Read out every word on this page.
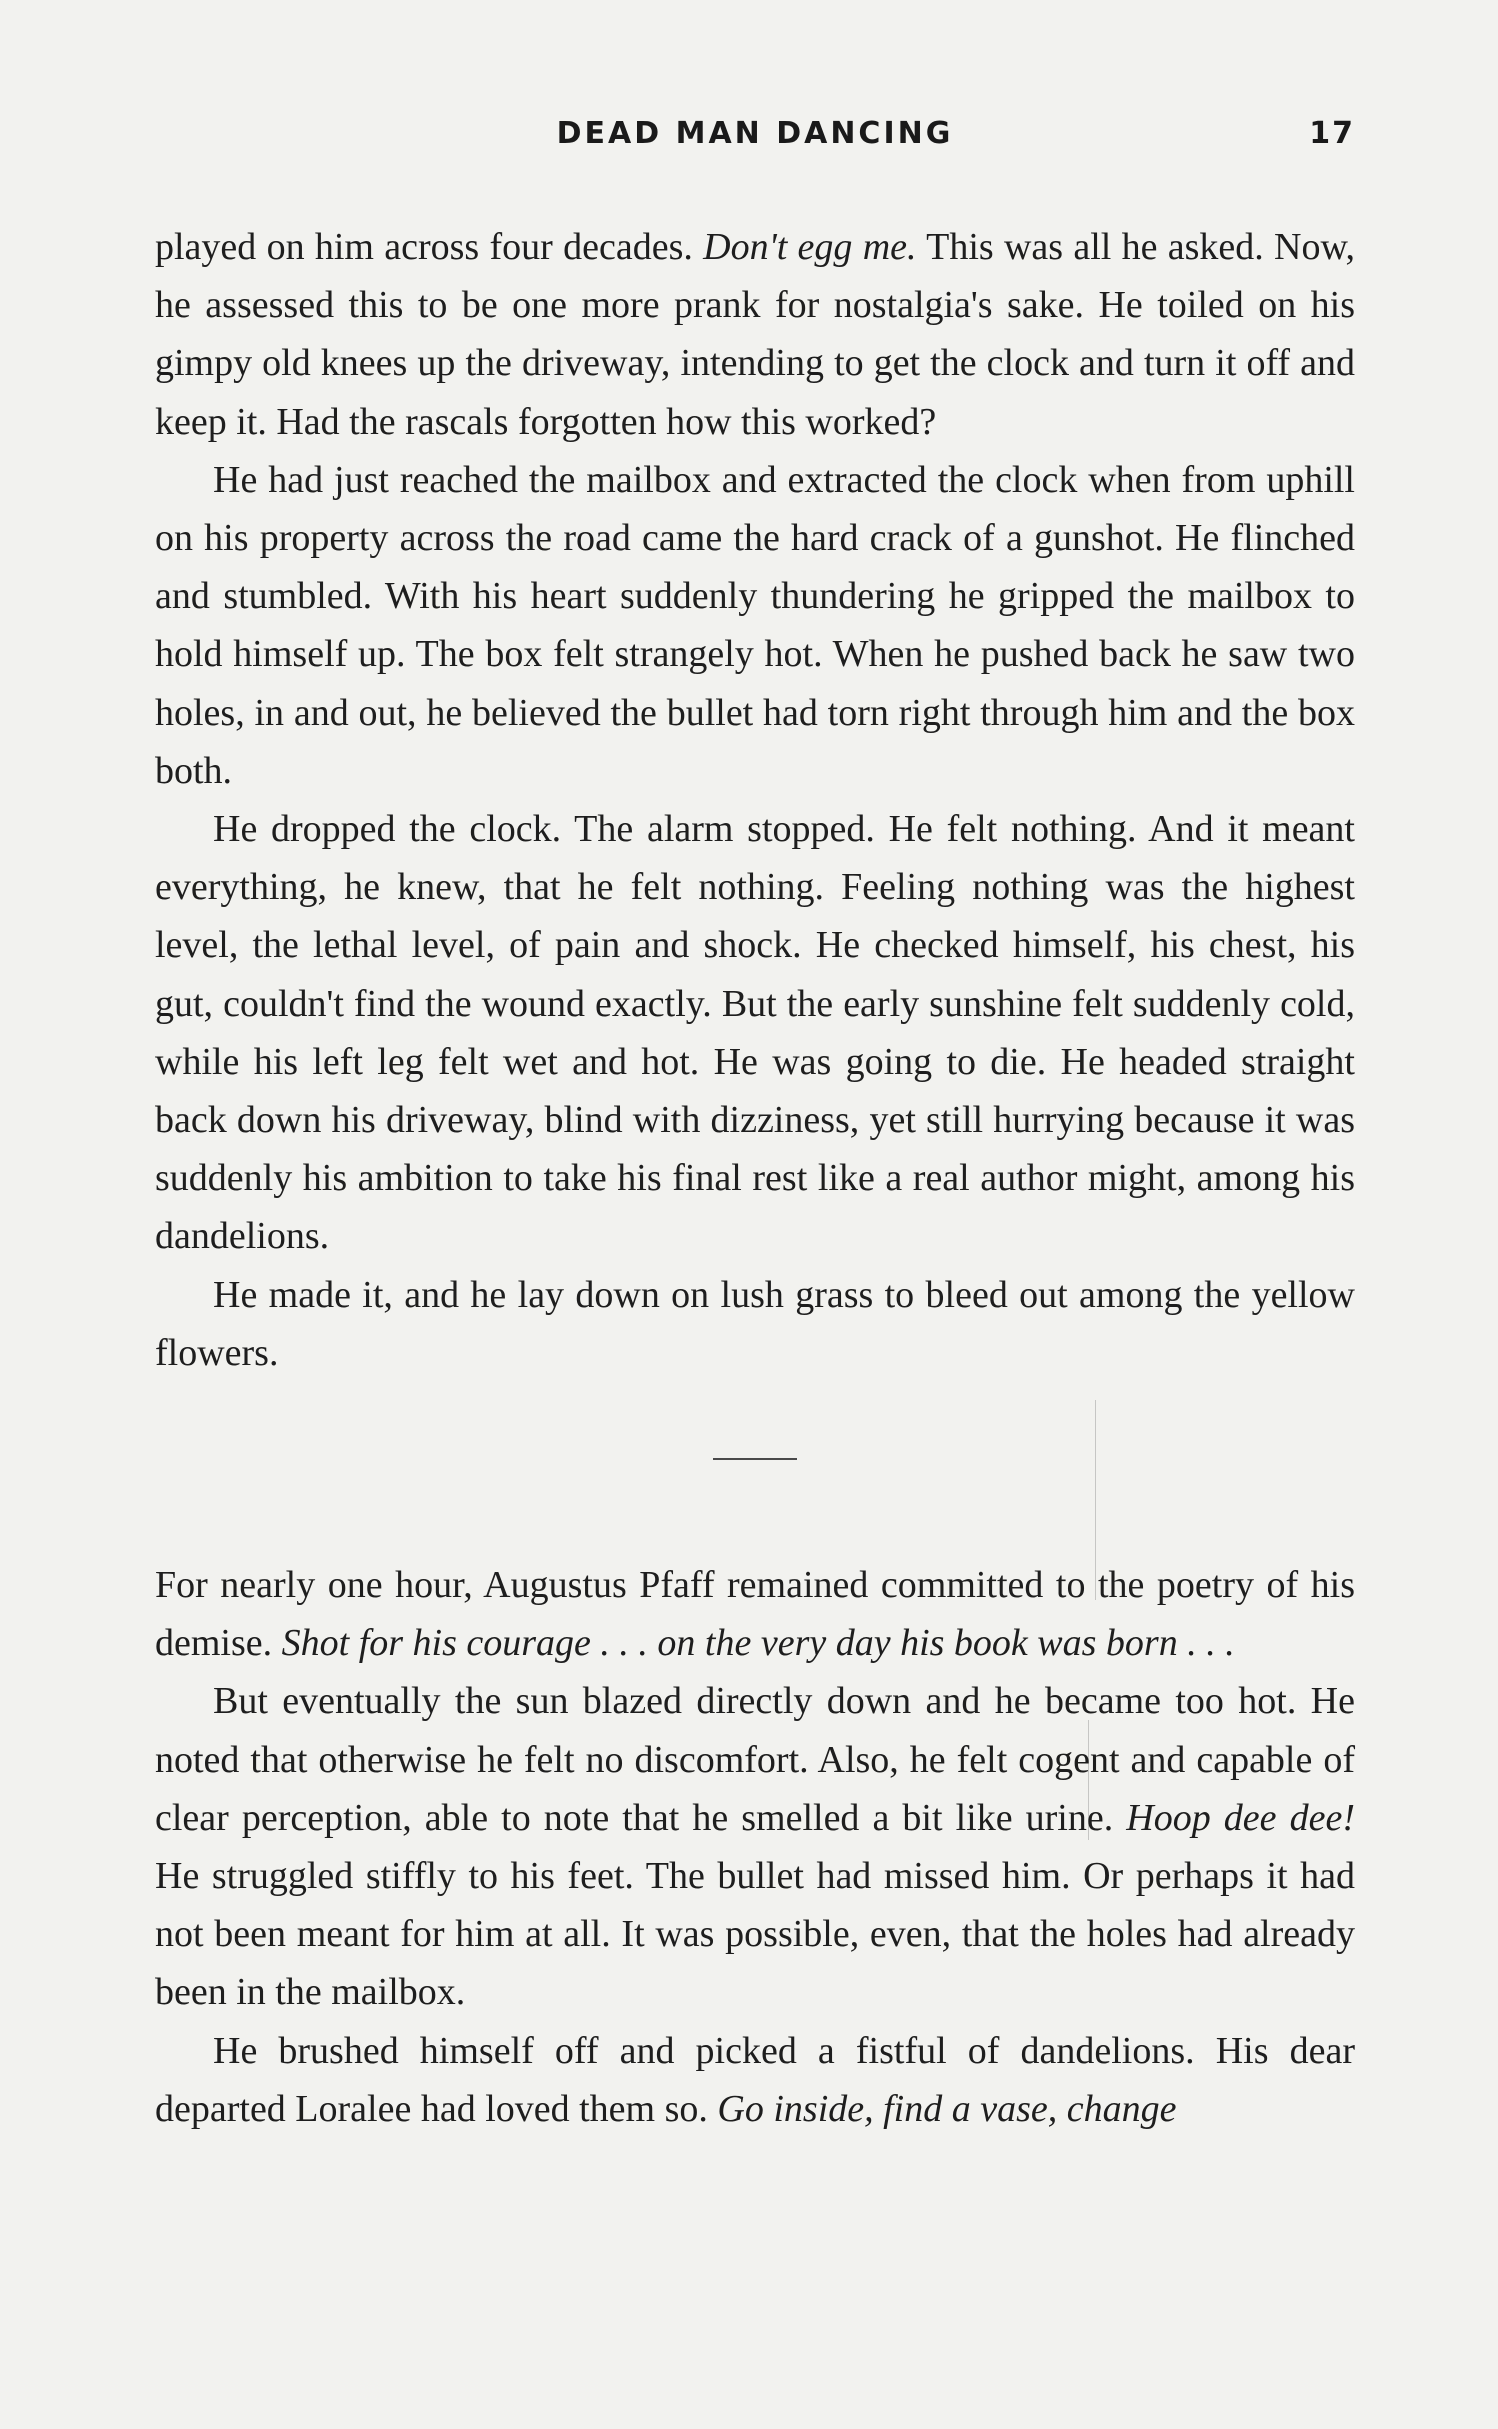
DEAD MAN DANCING	17

played on him across four decades. Don't egg me. This was all he asked. Now, he assessed this to be one more prank for nostalgia's sake. He toiled on his gimpy old knees up the driveway, intending to get the clock and turn it off and keep it. Had the rascals forgotten how this worked?

He had just reached the mailbox and extracted the clock when from uphill on his property across the road came the hard crack of a gunshot. He flinched and stumbled. With his heart suddenly thundering he gripped the mailbox to hold himself up. The box felt strangely hot. When he pushed back he saw two holes, in and out, he believed the bullet had torn right through him and the box both.

He dropped the clock. The alarm stopped. He felt nothing. And it meant everything, he knew, that he felt nothing. Feeling nothing was the highest level, the lethal level, of pain and shock. He checked himself, his chest, his gut, couldn't find the wound exactly. But the early sunshine felt suddenly cold, while his left leg felt wet and hot. He was going to die. He headed straight back down his driveway, blind with dizziness, yet still hurrying because it was suddenly his ambition to take his final rest like a real author might, among his dandelions.

He made it, and he lay down on lush grass to bleed out among the yellow flowers.

For nearly one hour, Augustus Pfaff remained committed to the poetry of his demise. Shot for his courage . . . on the very day his book was born . . .

But eventually the sun blazed directly down and he became too hot. He noted that otherwise he felt no discomfort. Also, he felt cogent and capable of clear perception, able to note that he smelled a bit like urine. Hoop dee dee! He struggled stiffly to his feet. The bullet had missed him. Or perhaps it had not been meant for him at all. It was possible, even, that the holes had already been in the mailbox.

He brushed himself off and picked a fistful of dandelions. His dear departed Loralee had loved them so. Go inside, find a vase, change
